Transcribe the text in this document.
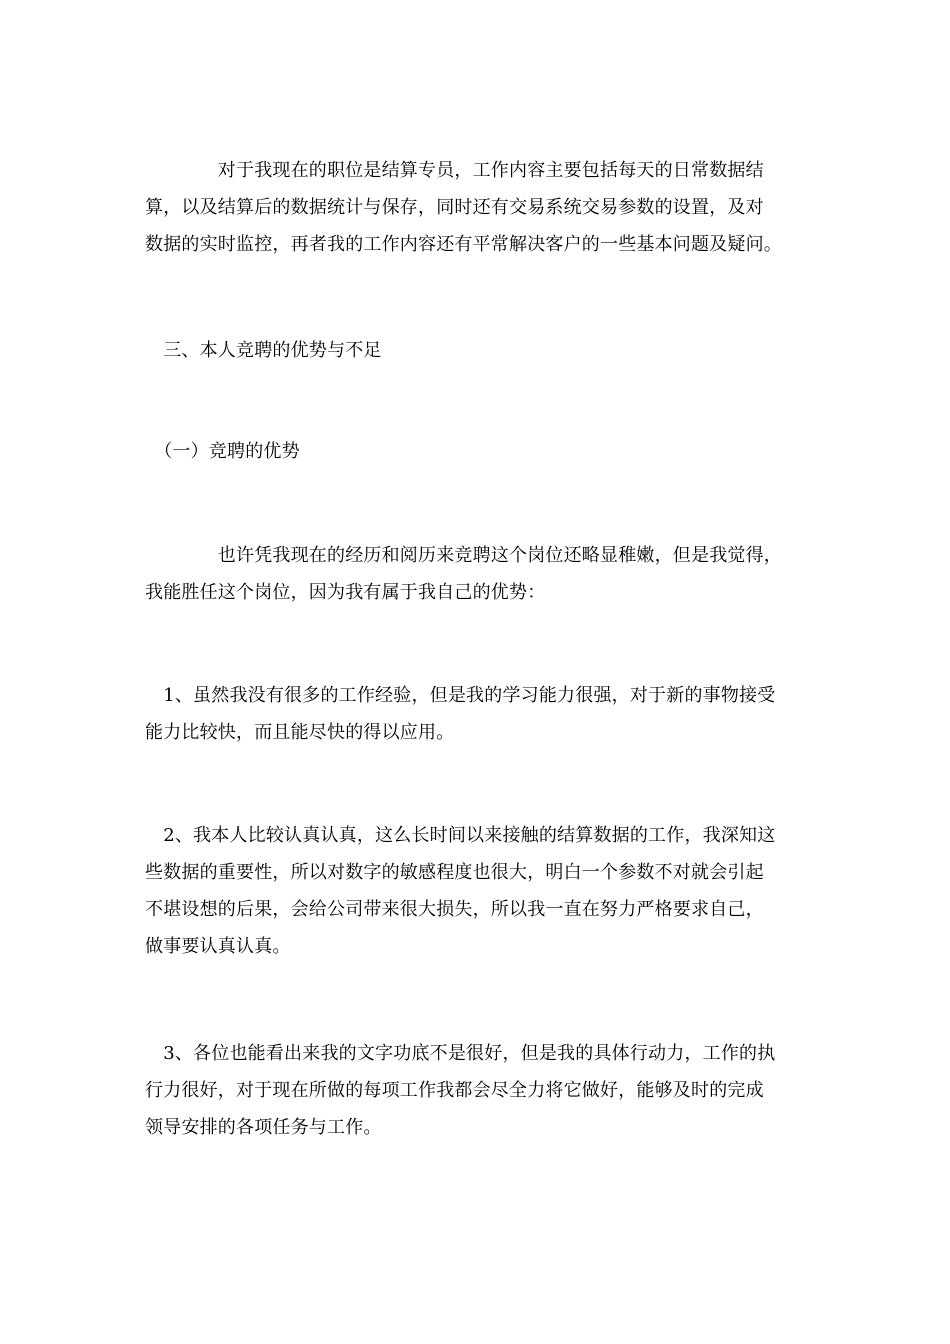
　　　　对于我现在的职位是结算专员，工作内容主要包括每天的日常数据结
算，以及结算后的数据统计与保存，同时还有交易系统交易参数的设置，及对
数据的实时监控，再者我的工作内容还有平常解决客户的一些基本问题及疑问。
　三、本人竞聘的优势与不足
　（一）竞聘的优势
　　　　也许凭我现在的经历和阅历来竞聘这个岗位还略显稚嫩，但是我觉得，
我能胜任这个岗位，因为我有属于我自己的优势：
　1、虽然我没有很多的工作经验，但是我的学习能力很强，对于新的事物接受
能力比较快，而且能尽快的得以应用。
　2、我本人比较认真认真，这么长时间以来接触的结算数据的工作，我深知这
些数据的重要性，所以对数字的敏感程度也很大，明白一个参数不对就会引起
不堪设想的后果，会给公司带来很大损失，所以我一直在努力严格要求自己，
做事要认真认真。
　3、各位也能看出来我的文字功底不是很好，但是我的具体行动力，工作的执
行力很好，对于现在所做的每项工作我都会尽全力将它做好，能够及时的完成
领导安排的各项任务与工作。
